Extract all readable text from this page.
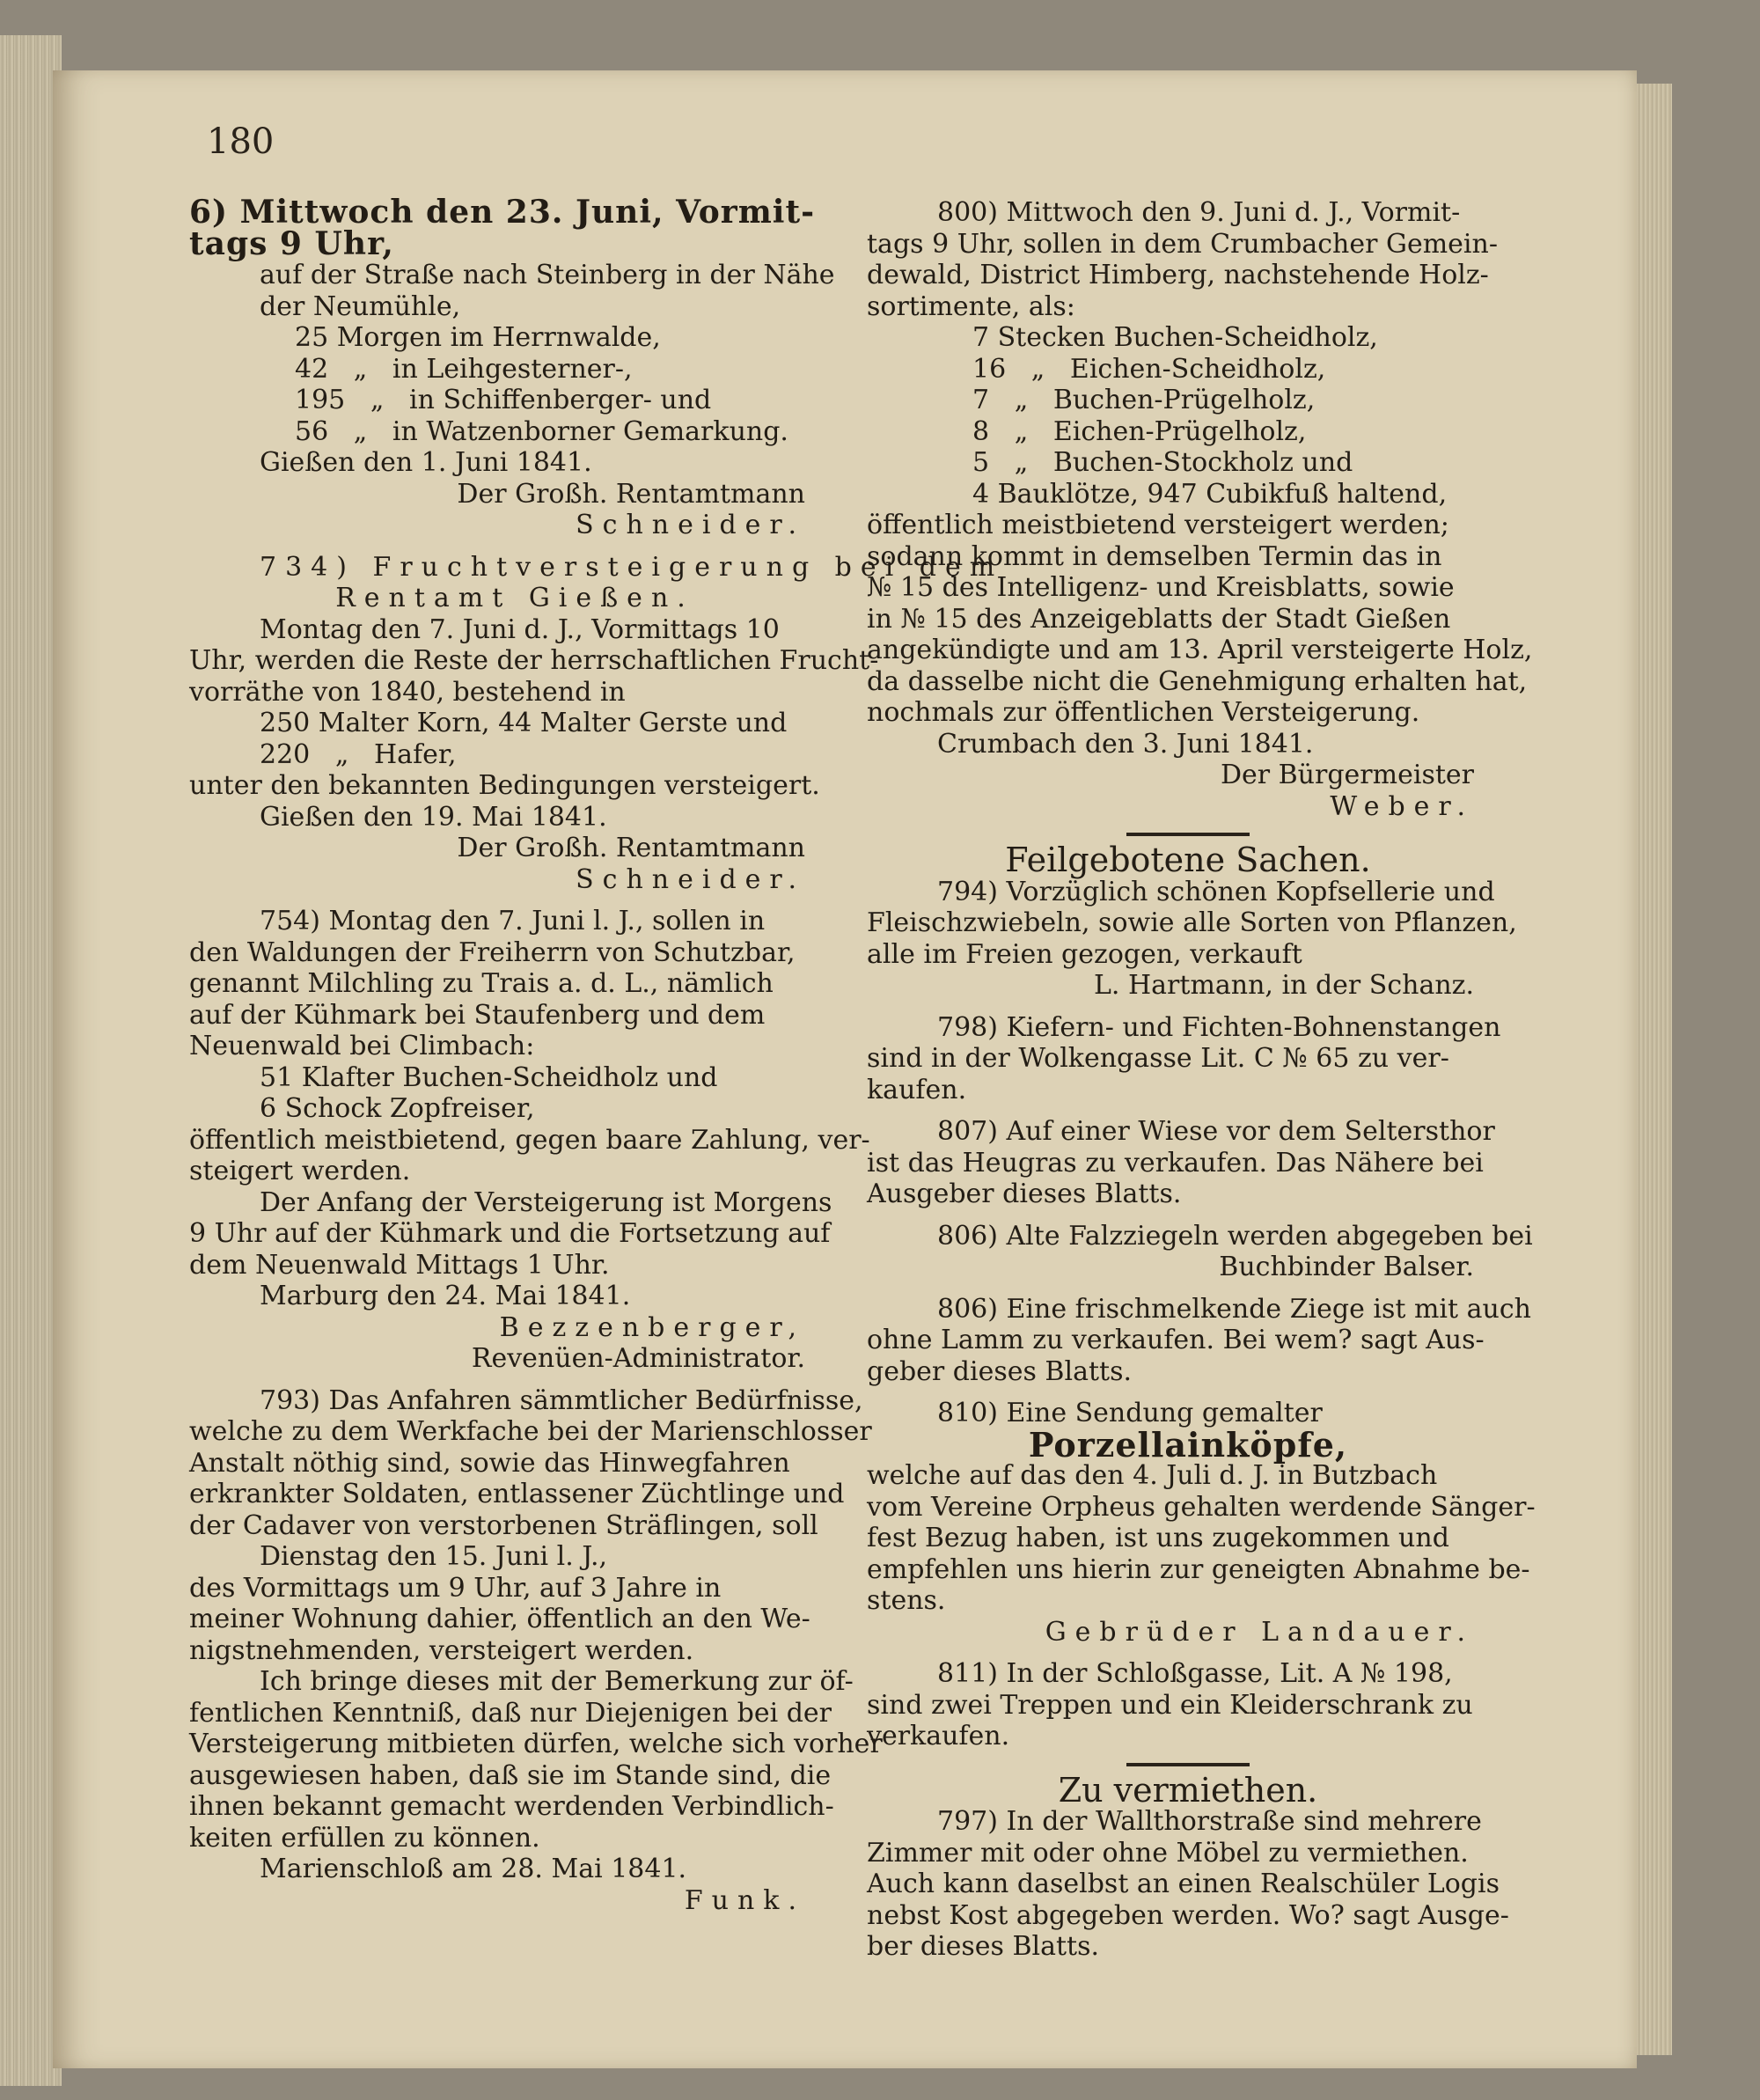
180

6) Mittwoch den 23. Juni, Vormit-

tags 9 Uhr,

auf der Straße nach Steinberg in der Nähe

der Neumühle,

25 Morgen im Herrnwalde,

42   „   in Leihgesterner-,

195   „   in Schiffenberger- und

56   „   in Watzenborner Gemarkung.

Gießen den 1. Juni 1841.

Der Großh. Rentamtmann

Schneider.

734) Fruchtversteigerung bei dem

Rentamt Gießen.

Montag den 7. Juni d. J., Vormittags 10

Uhr, werden die Reste der herrschaftlichen Frucht-

vorräthe von 1840, bestehend in

250 Malter Korn, 44 Malter Gerste und

220   „   Hafer,

unter den bekannten Bedingungen versteigert.

Gießen den 19. Mai 1841.

Der Großh. Rentamtmann

Schneider.

754) Montag den 7. Juni l. J., sollen in

den Waldungen der Freiherrn von Schutzbar,

genannt Milchling zu Trais a. d. L., nämlich

auf der Kühmark bei Staufenberg und dem

Neuenwald bei Climbach:

51 Klafter Buchen-Scheidholz und

6 Schock Zopfreiser,

öffentlich meistbietend, gegen baare Zahlung, ver-

steigert werden.

Der Anfang der Versteigerung ist Morgens

9 Uhr auf der Kühmark und die Fortsetzung auf

dem Neuenwald Mittags 1 Uhr.

Marburg den 24. Mai 1841.

Bezzenberger,

Revenüen-Administrator.

793) Das Anfahren sämmtlicher Bedürfnisse,

welche zu dem Werkfache bei der Marienschlosser

Anstalt nöthig sind, sowie das Hinwegfahren

erkrankter Soldaten, entlassener Züchtlinge und

der Cadaver von verstorbenen Sträflingen, soll

Dienstag den 15. Juni l. J.,

des Vormittags um 9 Uhr, auf 3 Jahre in

meiner Wohnung dahier, öffentlich an den We-

nigstnehmenden, versteigert werden.

Ich bringe dieses mit der Bemerkung zur öf-

fentlichen Kenntniß, daß nur Diejenigen bei der

Versteigerung mitbieten dürfen, welche sich vorher

ausgewiesen haben, daß sie im Stande sind, die

ihnen bekannt gemacht werdenden Verbindlich-

keiten erfüllen zu können.

Marienschloß am 28. Mai 1841.

Funk.

800) Mittwoch den 9. Juni d. J., Vormit-

tags 9 Uhr, sollen in dem Crumbacher Gemein-

dewald, District Himberg, nachstehende Holz-

sortimente, als:

7 Stecken Buchen-Scheidholz,

16   „   Eichen-Scheidholz,

7   „   Buchen-Prügelholz,

8   „   Eichen-Prügelholz,

5   „   Buchen-Stockholz und

4 Bauklötze, 947 Cubikfuß haltend,

öffentlich meistbietend versteigert werden;

sodann kommt in demselben Termin das in

№ 15 des Intelligenz- und Kreisblatts, sowie

in № 15 des Anzeigeblatts der Stadt Gießen

angekündigte und am 13. April versteigerte Holz,

da dasselbe nicht die Genehmigung erhalten hat,

nochmals zur öffentlichen Versteigerung.

Crumbach den 3. Juni 1841.

Der Bürgermeister

Weber.

Feilgebotene Sachen.

794) Vorzüglich schönen Kopfsellerie und

Fleischzwiebeln, sowie alle Sorten von Pflanzen,

alle im Freien gezogen, verkauft

L. Hartmann, in der Schanz.

798) Kiefern- und Fichten-Bohnenstangen

sind in der Wolkengasse Lit. C № 65 zu ver-

kaufen.

807) Auf einer Wiese vor dem Seltersthor

ist das Heugras zu verkaufen. Das Nähere bei

Ausgeber dieses Blatts.

806) Alte Falzziegeln werden abgegeben bei

Buchbinder Balser.

806) Eine frischmelkende Ziege ist mit auch

ohne Lamm zu verkaufen. Bei wem? sagt Aus-

geber dieses Blatts.

810) Eine Sendung gemalter

Porzellainköpfe,

welche auf das den 4. Juli d. J. in Butzbach

vom Vereine Orpheus gehalten werdende Sänger-

fest Bezug haben, ist uns zugekommen und

empfehlen uns hierin zur geneigten Abnahme be-

stens.

Gebrüder Landauer.

811) In der Schloßgasse, Lit. A № 198,

sind zwei Treppen und ein Kleiderschrank zu

verkaufen.

Zu vermiethen.

797) In der Wallthorstraße sind mehrere

Zimmer mit oder ohne Möbel zu vermiethen.

Auch kann daselbst an einen Realschüler Logis

nebst Kost abgegeben werden. Wo? sagt Ausge-

ber dieses Blatts.
